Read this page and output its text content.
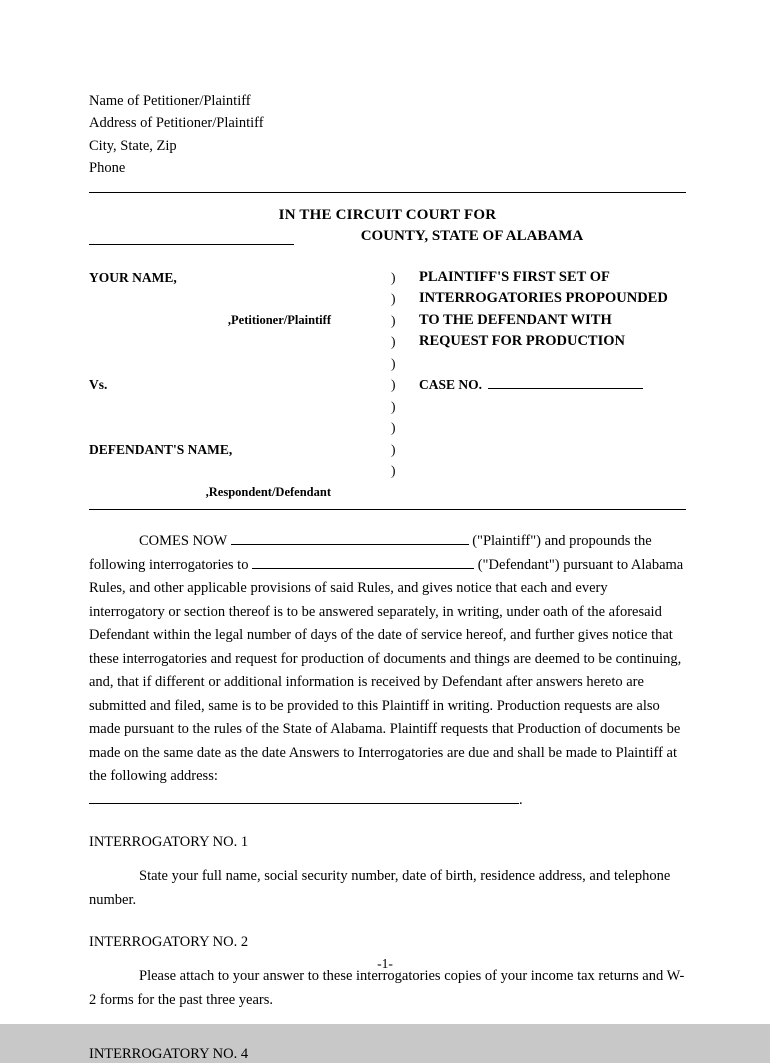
Name of Petitioner/Plaintiff
Address of Petitioner/Plaintiff
City, State, Zip
Phone
IN THE CIRCUIT COURT FOR
COUNTY, STATE OF ALABAMA
)
)
)
)
)
)
)
)
)
)
YOUR NAME,

,Petitioner/Plaintiff

Vs.

DEFENDANT'S NAME,

,Respondent/Defendant
PLAINTIFF'S FIRST SET OF
INTERROGATORIES PROPOUNDED
TO THE DEFENDANT WITH
REQUEST FOR PRODUCTION
CASE NO.
COMES NOW	("Plaintiff") and propounds the following interrogatories to	("Defendant") pursuant to Alabama Rules, and other applicable provisions of said Rules, and gives notice that each and every interrogatory or section thereof is to be answered separately, in writing, under oath of the aforesaid Defendant within the legal number of days of the date of service hereof, and further gives notice that these interrogatories and request for production of documents and things are deemed to be continuing, and, that if different or additional information is received by Defendant after answers hereto are submitted and filed, same is to be provided to this Plaintiff in writing. Production requests are also made pursuant to the rules of the State of Alabama. Plaintiff requests that Production of documents be made on the same date as the date Answers to Interrogatories are due and shall be made to Plaintiff at the following address:
.
INTERROGATORY NO. 1
State your full name, social security number, date of birth, residence address, and telephone number.
INTERROGATORY NO. 2
Please attach to your answer to these interrogatories copies of your income tax returns and W-2 forms for the past three years.
INTERROGATORY NO. 4
-1-
